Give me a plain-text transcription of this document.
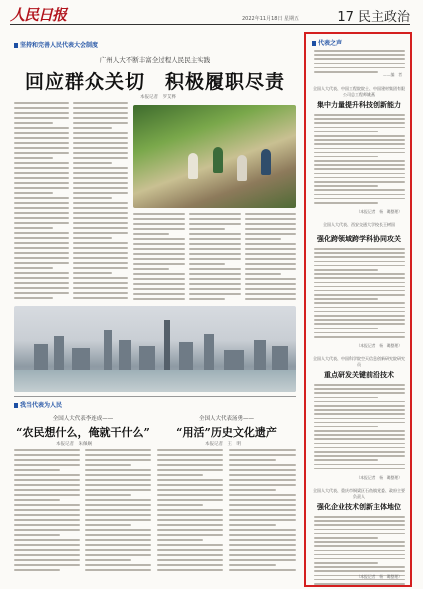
人民日报	2022年11月18日 星期五	17 民主政治
坚持和完善人民代表大会制度
广州人大不断丰富全过程人民民主实践
回应群众关切　积极履职尽责
本报记者　罗艾桦
我当代表为人民
全国人大代表李连成——
“农民想什么，俺就干什么”
本报记者　朱佩娴
全国人大代表汤勇——
“用活”历史文化遗产
本报记者　王　明
代表之声
——编　者
全国人大代表、中国工程院院士、中国建材集团有限公司总工程师姚燕
集中力量提升科技创新能力
（本报记者　杨　璐整理）
全国人大代表、西安交通大学校长王树国
强化跨领域跨学科协同攻关
（本报记者　杨　璐整理）
全国人大代表、中国科学院空天信息创新研究院研究员
重点研发关键前沿技术
（本报记者　杨　璐整理）
全国人大代表、重庆市铜梁区石鱼镇党委、政府主要负责人
强化企业技术创新主体地位
（本报记者　杨　璐整理）
